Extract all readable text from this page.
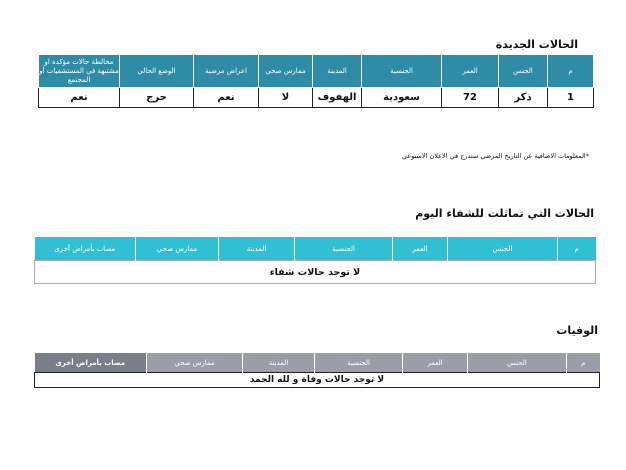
الحالات الجديدة
م	الجنس	العمر	الجنسية	المدينة	ممارس صحي	اعراض مرضية	الوضع الحالي	مخالطة حالات مؤكدة او مشتبهة في المستشفيات أو المجتمع
1	ذكر	72	سعودية	الهفوف	لا	نعم	حرج	نعم
*المعلومات الاضافية عن التاريخ المرضي ستدرج في الاعلان الاسبوعي
الحالات التي تماثلت للشفاء اليوم
م	الجنس	العمر	الجنسية	المدينة	ممارس صحي	مصاب بأمراض أخرى
لا توجد حالات شفاء
الوفيات
م	الجنس	العمر	الجنسية	المدينة	ممارس صحي	مصاب بأمراض أخرى
لا توجد حالات وفاة و لله الحمد
